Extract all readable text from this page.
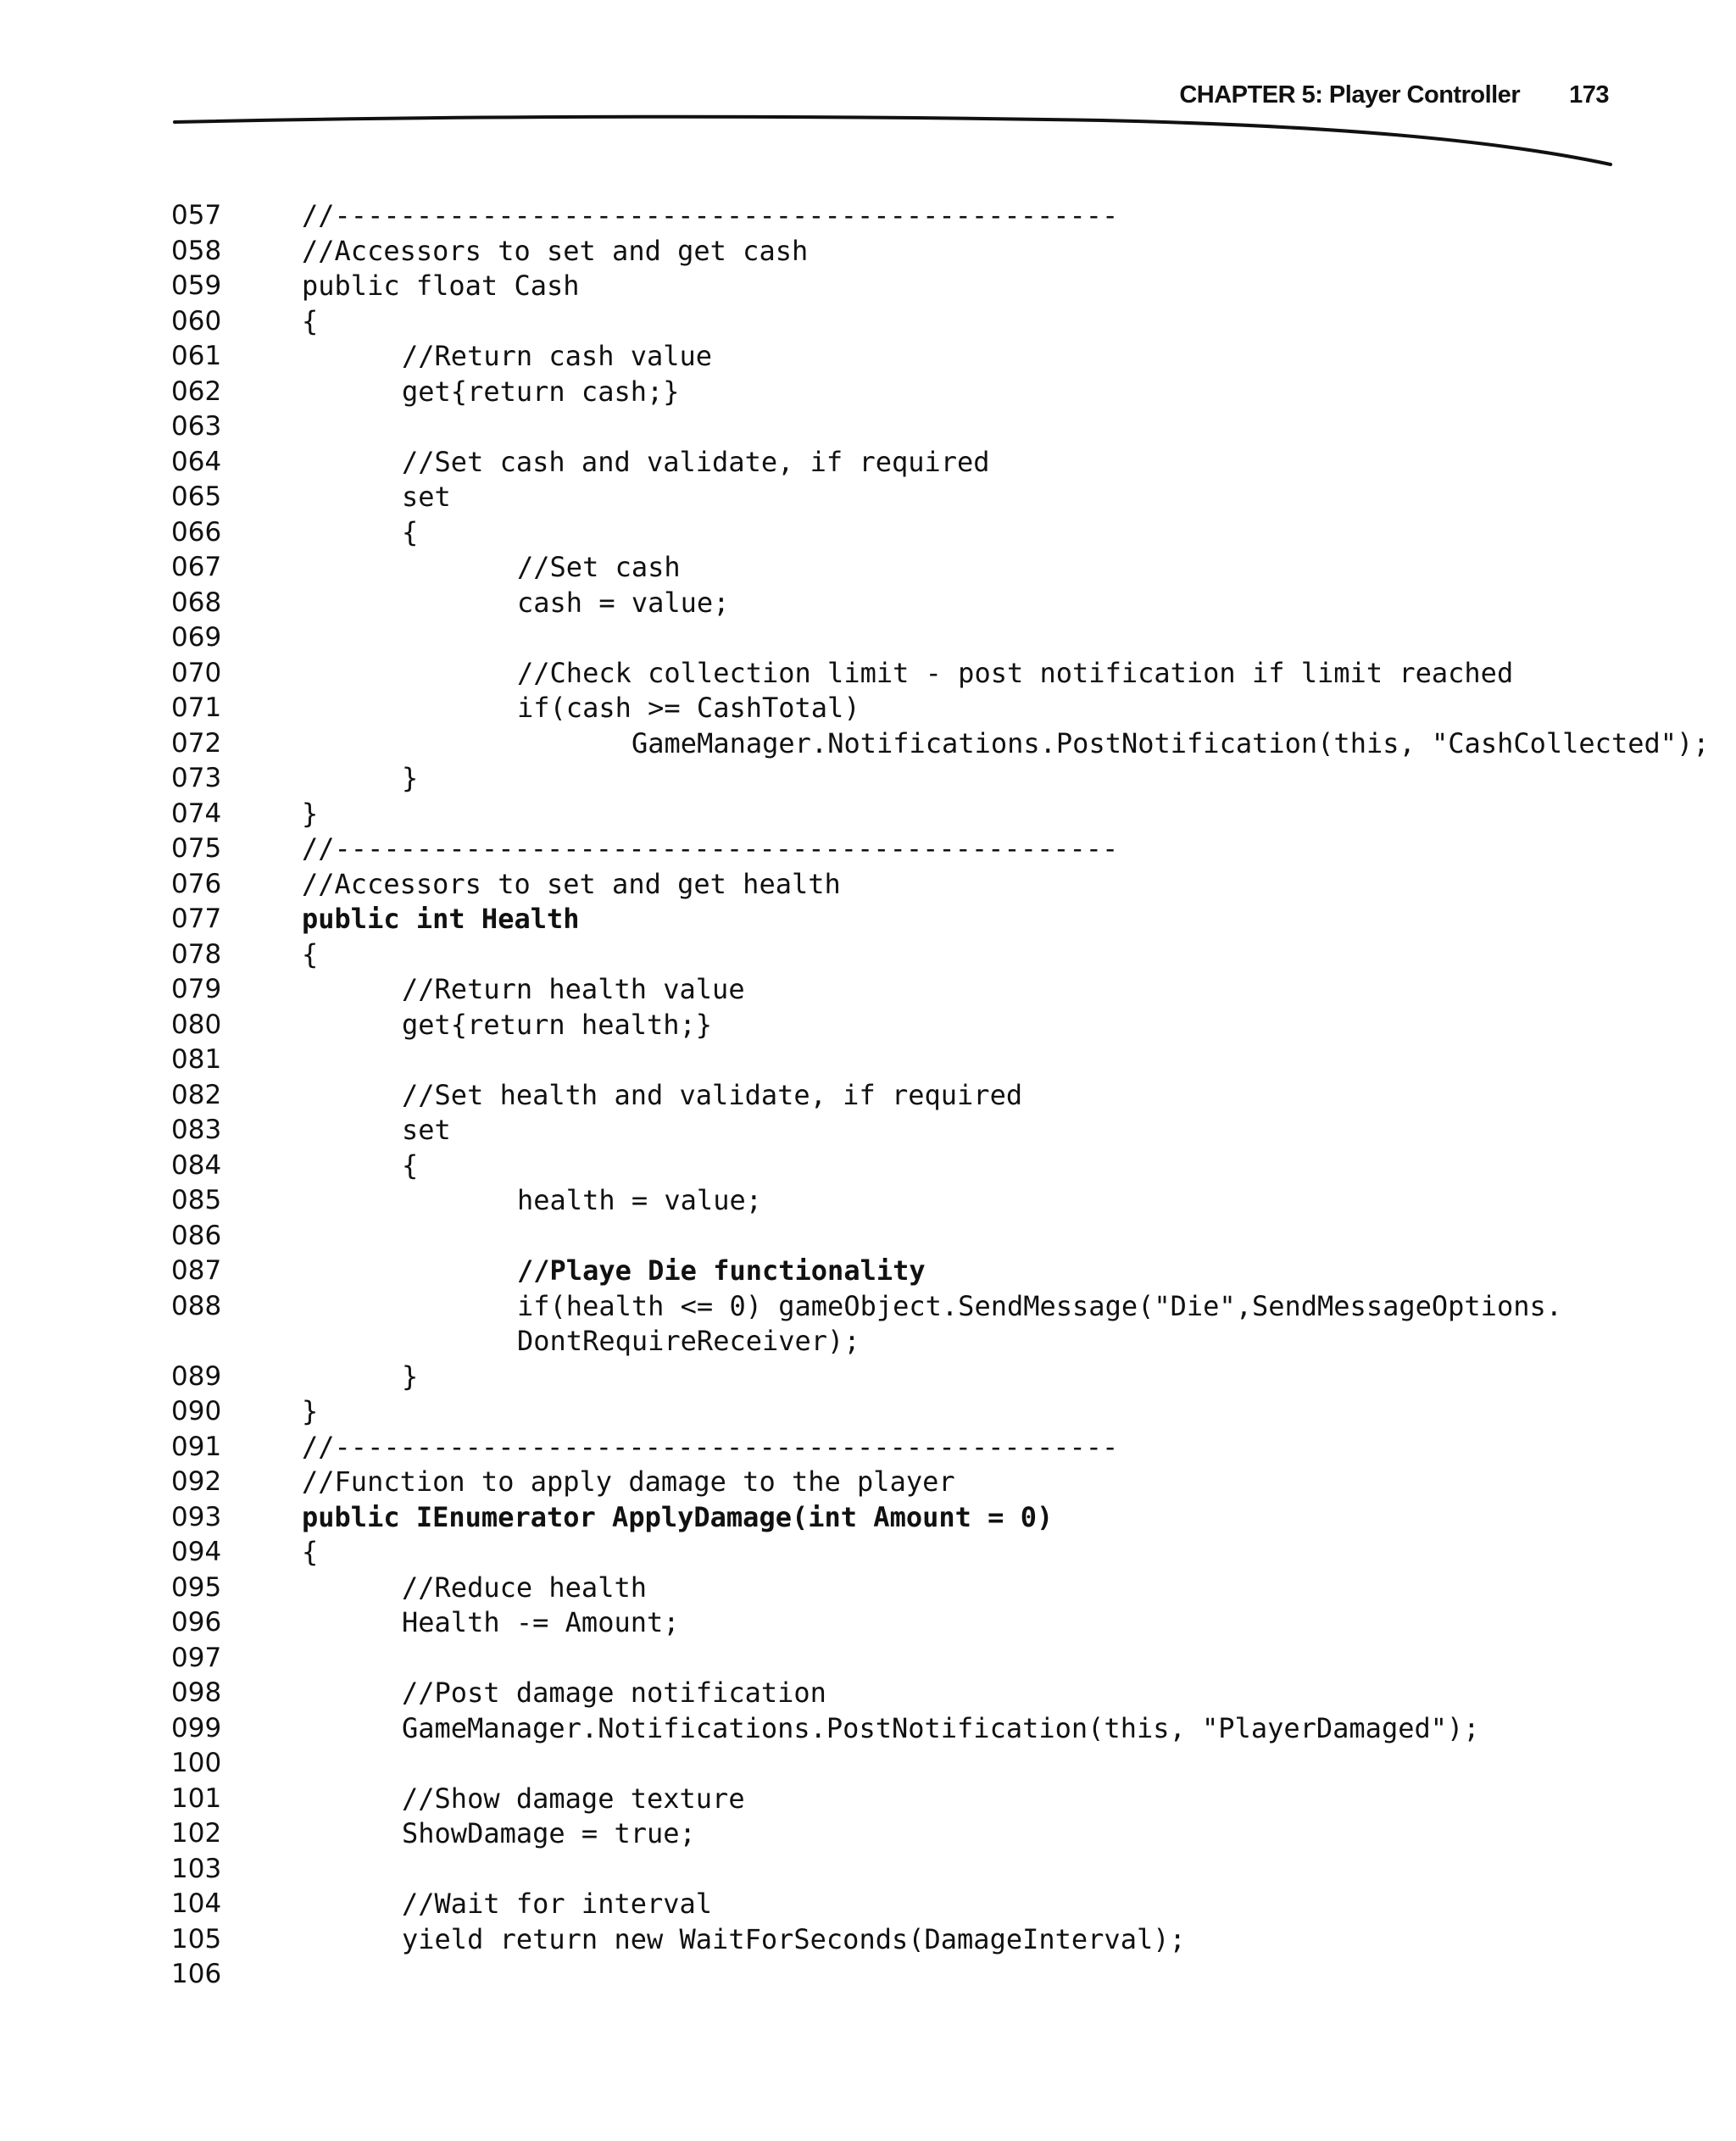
CHAPTER 5: Player Controller 173
057	//------------------------------------------------
058	//Accessors to set and get cash
059	public float Cash
060	{
061	//Return cash value
062	get{return cash;}
063
064	//Set cash and validate, if required
065	set
066	{
067	//Set cash
068	cash = value;
069
070	//Check collection limit - post notification if limit reached
071	if(cash >= CashTotal)
072	GameManager.Notifications.PostNotification(this, "CashCollected");
073	}
074	}
075	//------------------------------------------------
076	//Accessors to set and get health
077	public int Health
078	{
079	//Return health value
080	get{return health;}
081
082	//Set health and validate, if required
083	set
084	{
085	health = value;
086
087	//Playe Die functionality
088	if(health <= 0) gameObject.SendMessage("Die",SendMessageOptions.
DontRequireReceiver);
089	}
090	}
091	//------------------------------------------------
092	//Function to apply damage to the player
093	public IEnumerator ApplyDamage(int Amount = 0)
094	{
095	//Reduce health
096	Health -= Amount;
097
098	//Post damage notification
099	GameManager.Notifications.PostNotification(this, "PlayerDamaged");
100
101	//Show damage texture
102	ShowDamage = true;
103
104	//Wait for interval
105	yield return new WaitForSeconds(DamageInterval);
106
